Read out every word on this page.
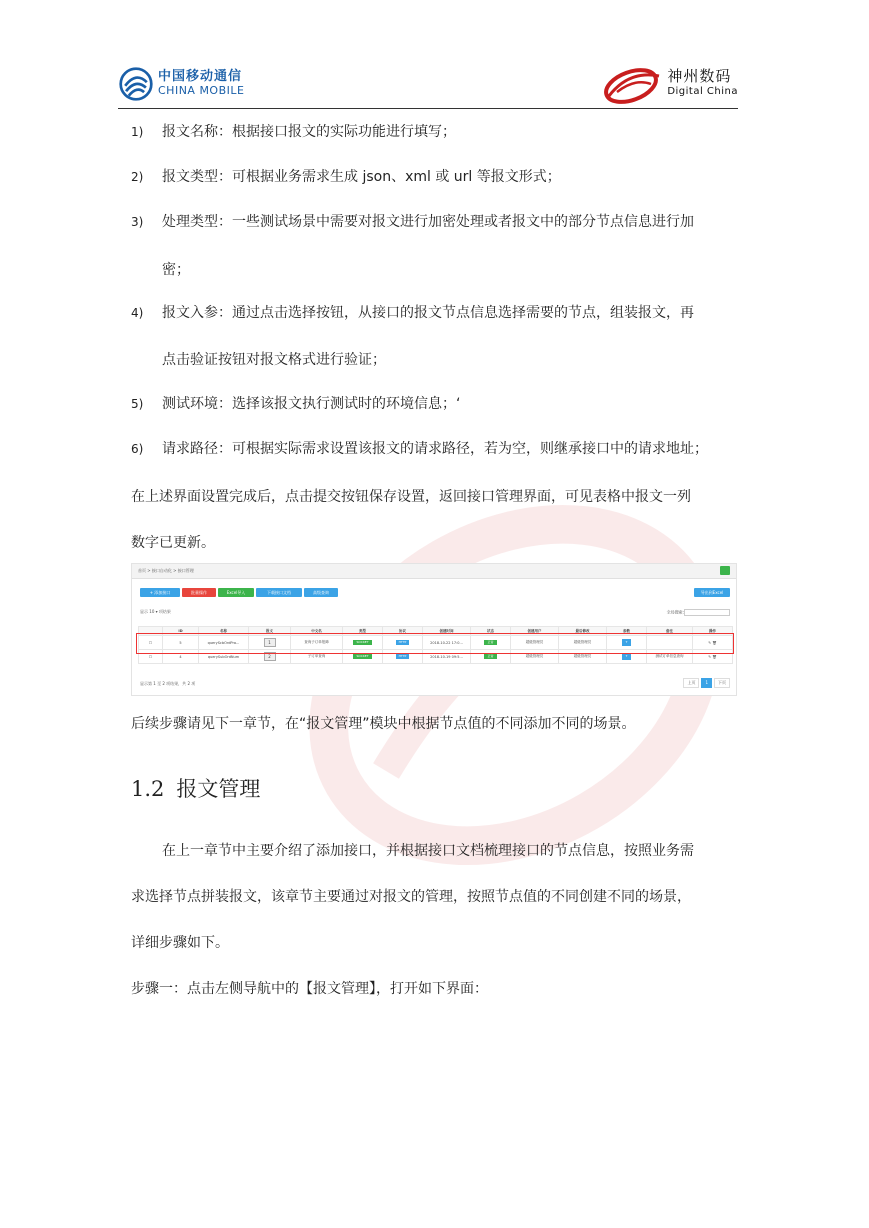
中国移动通信
CHINA MOBILE
神州数码
Digital China
1)	报文名称：根据接口报文的实际功能进行填写；
2)	报文类型：可根据业务需求生成 json、xml 或 url 等报文形式；
3)	处理类型：一些测试场景中需要对报文进行加密处理或者报文中的部分节点信息进行加
密；
4)	报文入参：通过点击选择按钮，从接口的报文节点信息选择需要的节点，组装报文，再
点击验证按钮对报文格式进行验证；
5)	测试环境：选择该报文执行测试时的环境信息；‘
6)	请求路径：可根据实际需求设置该报文的请求路径，若为空，则继承接口中的请求地址；
在上述界面设置完成后，点击提交按钮保存设置，返回接口管理界面，可见表格中报文一列
数字已更新。
首页 > 接口自动化 > 接口管理
+ 添加接口	批量操作	Excel导入	下载接口文档	高级查询	导出到Excel
显示 10 ▾ 项结果	全局搜索:
	ID	名称	报文	中文名	类型	协议	创建时间	状态	创建用户	最后修改	参数	备注	操作
☐	5	queryScbOrdPra...	1	查询子订单报障	SOCKET	HTTP	2018-10-22 17:0...	正常	超级管理员	超级管理员	T		✎ 🗑
☐	4	querySubOrdNum	2	子订单查询	SOCKET	HTTP	2018-10-19 09:5...	正常	超级管理员	超级管理员	T	测试订单信息查询	✎ 🗑
显示第 1 至 2 项结果，共 2 项	上页	1	下页
后续步骤请见下一章节，在“报文管理”模块中根据节点值的不同添加不同的场景。
1.2 报文管理
在上一章节中主要介绍了添加接口，并根据接口文档梳理接口的节点信息，按照业务需
求选择节点拼装报文，该章节主要通过对报文的管理，按照节点值的不同创建不同的场景，
详细步骤如下。
步骤一：点击左侧导航中的【报文管理】，打开如下界面：
